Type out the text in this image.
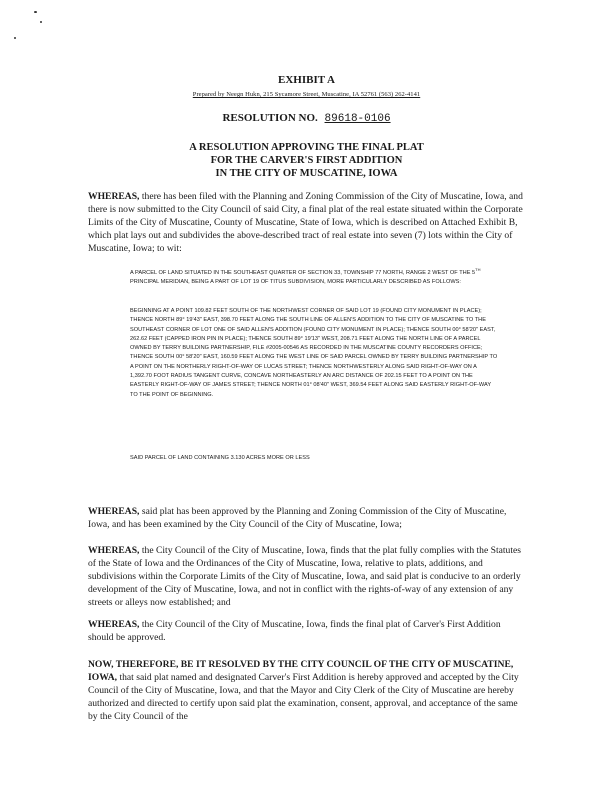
EXHIBIT A
Prepared by Neegn Hukn, 215 Sycamore Street, Muscatine, IA 52761 (563) 262-4141
RESOLUTION NO. 89618-0106
A RESOLUTION APPROVING THE FINAL PLAT
FOR THE CARVER'S FIRST ADDITION
IN THE CITY OF MUSCATINE, IOWA
WHEREAS, there has been filed with the Planning and Zoning Commission of the City of Muscatine, Iowa, and there is now submitted to the City Council of said City, a final plat of the real estate situated within the Corporate Limits of the City of Muscatine, County of Muscatine, State of Iowa, which is described on Attached Exhibit B, which plat lays out and subdivides the above-described tract of real estate into seven (7) lots within the City of Muscatine, Iowa; to wit:
A PARCEL OF LAND SITUATED IN THE SOUTHEAST QUARTER OF SECTION 33, TOWNSHIP 77 NORTH, RANGE 2 WEST OF THE 5TH PRINCIPAL MERIDIAN, BEING A PART OF LOT 19 OF TITUS SUBDIVISION, MORE PARTICULARLY DESCRIBED AS FOLLOWS:
BEGINNING AT A POINT 109.82 FEET SOUTH OF THE NORTHWEST CORNER OF SAID LOT 19 (FOUND CITY MONUMENT IN PLACE); THENCE NORTH 89° 19'43" EAST, 398.70 FEET ALONG THE SOUTH LINE OF ALLEN'S ADDITION TO THE CITY OF MUSCATINE TO THE SOUTHEAST CORNER OF LOT ONE OF SAID ALLEN'S ADDITION (FOUND CITY MONUMENT IN PLACE); THENCE SOUTH 00° 58'20" EAST, 262.62 FEET (CAPPED IRON PIN IN PLACE); THENCE SOUTH 89° 19'13" WEST, 208.71 FEET ALONG THE NORTH LINE OF A PARCEL OWNED BY TERRY BUILDING PARTNERSHIP, FILE #2005-00546 AS RECORDED IN THE MUSCATINE COUNTY RECORDERS OFFICE; THENCE SOUTH 00° 58'20" EAST, 160.59 FEET ALONG THE WEST LINE OF SAID PARCEL OWNED BY TERRY BUILDING PARTNERSHIP TO A POINT ON THE NORTHERLY RIGHT-OF-WAY OF LUCAS STREET; THENCE NORTHWESTERLY ALONG SAID RIGHT-OF-WAY ON A 1,392.70 FOOT RADIUS TANGENT CURVE, CONCAVE NORTHEASTERLY AN ARC DISTANCE OF 202.15 FEET TO A POINT ON THE EASTERLY RIGHT-OF-WAY OF JAMES STREET; THENCE NORTH 01° 08'40" WEST, 369.54 FEET ALONG SAID EASTERLY RIGHT-OF-WAY TO THE POINT OF BEGINNING.
SAID PARCEL OF LAND CONTAINING 3.130 ACRES MORE OR LESS
WHEREAS, said plat has been approved by the Planning and Zoning Commission of the City of Muscatine, Iowa, and has been examined by the City Council of the City of Muscatine, Iowa;
WHEREAS, the City Council of the City of Muscatine, Iowa, finds that the plat fully complies with the Statutes of the State of Iowa and the Ordinances of the City of Muscatine, Iowa, relative to plats, additions, and subdivisions within the Corporate Limits of the City of Muscatine, Iowa, and said plat is conducive to an orderly development of the City of Muscatine, Iowa, and not in conflict with the rights-of-way of any extension of any streets or alleys now established; and
WHEREAS, the City Council of the City of Muscatine, Iowa, finds the final plat of Carver's First Addition should be approved.
NOW, THEREFORE, BE IT RESOLVED BY THE CITY COUNCIL OF THE CITY OF MUSCATINE, IOWA, that said plat named and designated Carver's First Addition is hereby approved and accepted by the City Council of the City of Muscatine, Iowa, and that the Mayor and City Clerk of the City of Muscatine are hereby authorized and directed to certify upon said plat the examination, consent, approval, and acceptance of the same by the City Council of the
